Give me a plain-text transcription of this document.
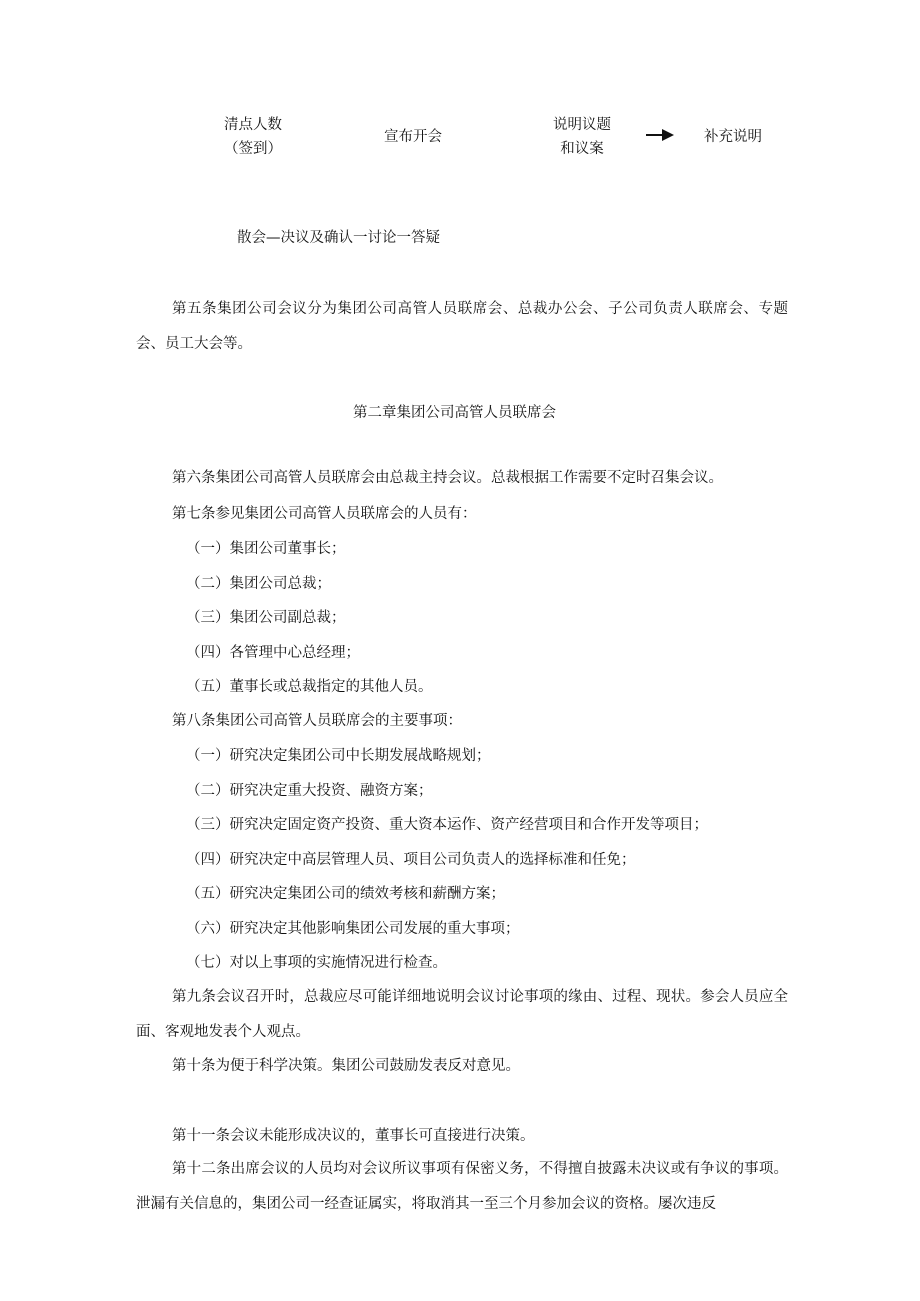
清点人数
（签到）
宣布开会
说明议题
和议案
补充说明
散会—决议及确认一讨论一答疑
第五条集团公司会议分为集团公司高管人员联席会、总裁办公会、子公司负责人联席会、专题会、员工大会等。
第二章集团公司高管人员联席会
第六条集团公司高管人员联席会由总裁主持会议。总裁根据工作需要不定时召集会议。
第七条参见集团公司高管人员联席会的人员有：
（一）集团公司董事长；
（二）集团公司总裁；
（三）集团公司副总裁；
（四）各管理中心总经理；
（五）董事长或总裁指定的其他人员。
第八条集团公司高管人员联席会的主要事项：
（一）研究决定集团公司中长期发展战略规划；
（二）研究决定重大投资、融资方案；
（三）研究决定固定资产投资、重大资本运作、资产经营项目和合作开发等项目；
（四）研究决定中高层管理人员、项目公司负责人的选择标准和任免；
（五）研究决定集团公司的绩效考核和薪酬方案；
（六）研究决定其他影响集团公司发展的重大事项；
（七）对以上事项的实施情况进行检查。
第九条会议召开时，总裁应尽可能详细地说明会议讨论事项的缘由、过程、现状。参会人员应全面、客观地发表个人观点。
第十条为便于科学决策。集团公司鼓励发表反对意见。
第十一条会议未能形成决议的，董事长可直接进行决策。
第十二条出席会议的人员均对会议所议事项有保密义务，不得擅自披露未决议或有争议的事项。泄漏有关信息的，集团公司一经查证属实，将取消其一至三个月参加会议的资格。屡次违反
